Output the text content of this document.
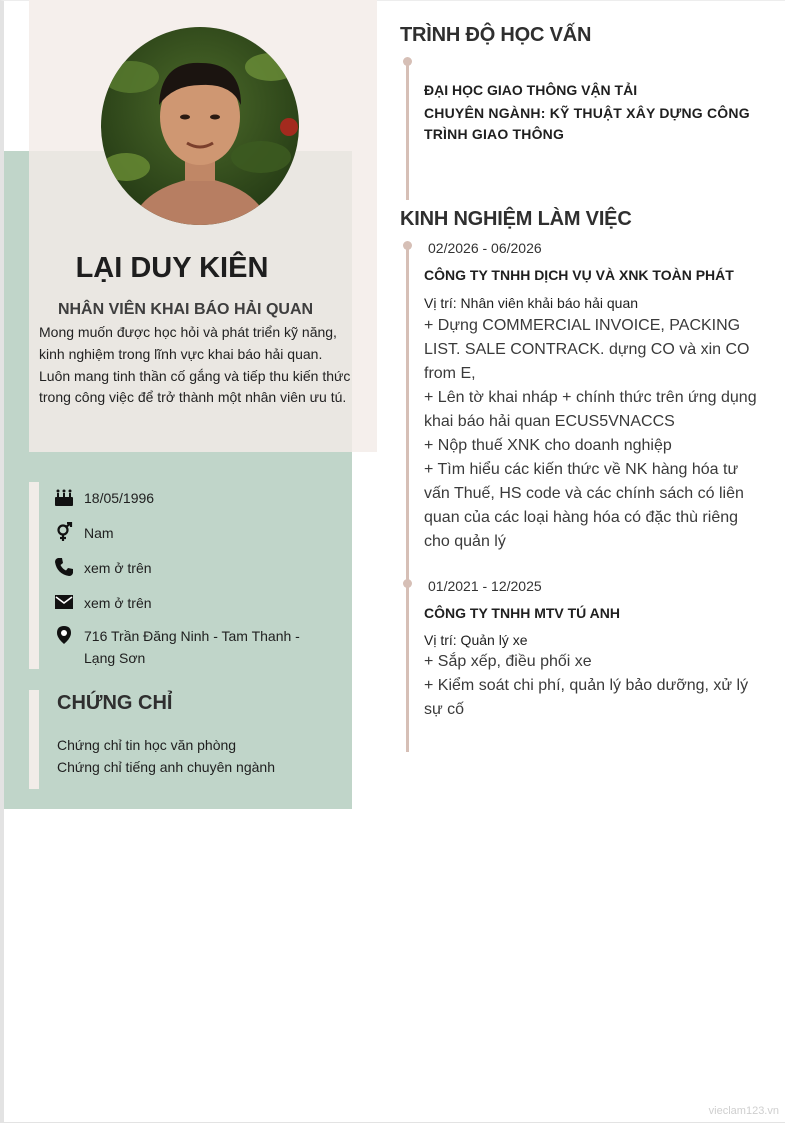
LẠI DUY KIÊN
NHÂN VIÊN KHAI BÁO HẢI QUAN
Mong muốn được học hỏi và phát triển kỹ năng, kinh nghiệm trong lĩnh vực khai báo hải quan. Luôn mang tinh thần cố gắng và tiếp thu kiến thức trong công việc để trở thành một nhân viên ưu tú.
18/05/1996
Nam
xem ở trên
xem ở trên
716 Trần Đăng Ninh - Tam Thanh - Lạng Sơn
CHỨNG CHỈ
Chứng chỉ tin học văn phòng
Chứng chỉ tiếng anh chuyên ngành
TRÌNH ĐỘ HỌC VẤN
ĐẠI HỌC GIAO THÔNG VẬN TẢI
CHUYÊN NGÀNH: KỸ THUẬT XÂY DỰNG CÔNG TRÌNH GIAO THÔNG
KINH NGHIỆM LÀM VIỆC
02/2026 - 06/2026
CÔNG TY TNHH DỊCH VỤ VÀ XNK TOÀN PHÁT
Vị trí: Nhân viên khải báo hải quan
+ Dựng COMMERCIAL INVOICE, PACKING LIST. SALE CONTRACK. dựng CO và xin CO from E,
+ Lên tờ khai nháp + chính thức trên ứng dụng khai báo hải quan ECUS5VNACCS
+ Nộp thuế XNK cho doanh nghiệp
+ Tìm hiểu các kiến thức về NK hàng hóa tư vấn Thuế, HS code và các chính sách có liên quan của các loại hàng hóa có đặc thù riêng cho quản lý
01/2021 - 12/2025
CÔNG TY TNHH MTV TÚ ANH
Vị trí: Quản lý xe
+ Sắp xếp, điều phối xe
+ Kiểm soát chi phí, quản lý bảo dưỡng, xử lý sự cố
vieclam123.vn
